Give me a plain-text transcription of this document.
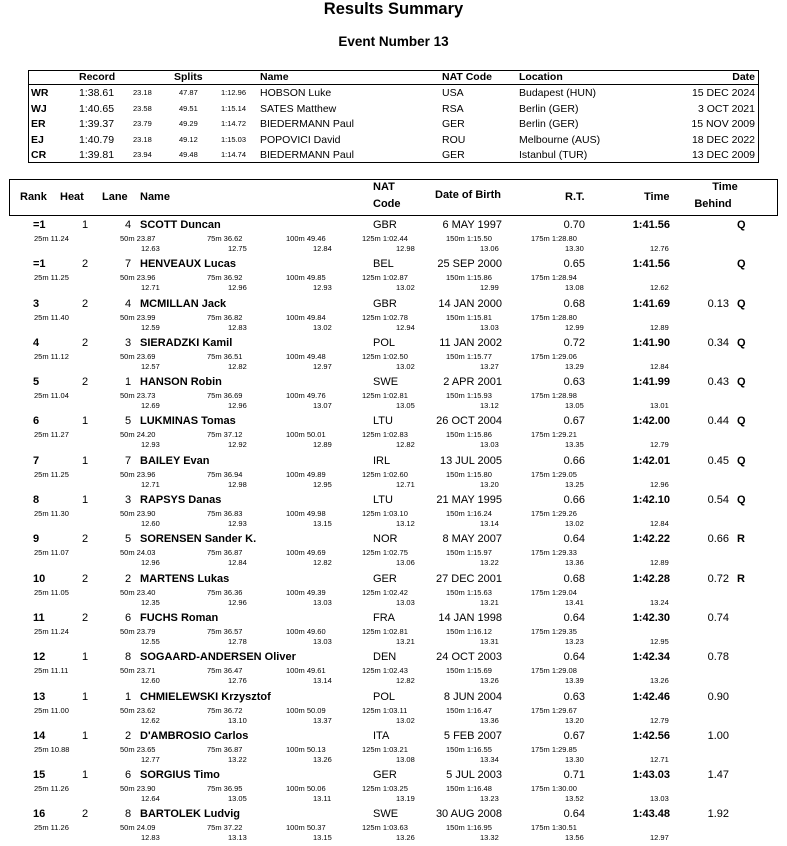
Results Summary
Event Number 13
Record	Splits	Name	NAT Code	Location	Date
WR	1:38.61	23.18	47.87	1:12.96 HOBSON Luke	USA	Budapest (HUN)	15 DEC 2024
WJ	1:40.65	23.58	49.51	1:15.14 SATES Matthew	RSA	Berlin (GER)	3 OCT 2021
ER	1:39.37	23.79	49.29	1:14.72 BIEDERMANN Paul	GER	Berlin (GER)	15 NOV 2009
EJ	1:40.79	23.18	49.12	1:15.03 POPOVICI David	ROU	Melbourne (AUS)	18 DEC 2022
CR	1:39.81	23.94	49.48	1:14.74 BIEDERMANN Paul	GER	Istanbul (TUR)	13 DEC 2009
Rank Heat Lane Name
NAT
Code
Date of Birth	R.T.	Time
Time
Behind
=1	1	4 SCOTT Duncan	GBR	6 MAY 1997	0.70	1:41.56	Q
25m 11.24	50m 23.87	75m 36.62	100m 49.46	125m 1:02.44	150m 1:15.50	175m 1:28.80
12.63	12.75	12.84	12.98	13.06	13.30	12.76
=1	2	7 HENVEAUX Lucas	BEL	25 SEP 2000	0.65	1:41.56	Q
25m 11.25	50m 23.96	75m 36.92	100m 49.85	125m 1:02.87	150m 1:15.86	175m 1:28.94
12.71	12.96	12.93	13.02	12.99	13.08	12.62
3	2	4 MCMILLAN Jack	GBR	14 JAN 2000	0.68	1:41.69	0.13 Q
25m 11.40	50m 23.99	75m 36.82	100m 49.84	125m 1:02.78	150m 1:15.81	175m 1:28.80
12.59	12.83	13.02	12.94	13.03	12.99	12.89
4	2	3 SIERADZKI Kamil	POL	11 JAN 2002	0.72	1:41.90	0.34 Q
25m 11.12	50m 23.69	75m 36.51	100m 49.48	125m 1:02.50	150m 1:15.77	175m 1:29.06
12.57	12.82	12.97	13.02	13.27	13.29	12.84
5	2	1 HANSON Robin	SWE	2 APR 2001	0.63	1:41.99	0.43 Q
25m 11.04	50m 23.73	75m 36.69	100m 49.76	125m 1:02.81	150m 1:15.93	175m 1:28.98
12.69	12.96	13.07	13.05	13.12	13.05	13.01
6	1	5 LUKMINAS Tomas	LTU	26 OCT 2004	0.67	1:42.00	0.44 Q
25m 11.27	50m 24.20	75m 37.12	100m 50.01	125m 1:02.83	150m 1:15.86	175m 1:29.21
12.93	12.92	12.89	12.82	13.03	13.35	12.79
7	1	7 BAILEY Evan	IRL	13 JUL 2005	0.66	1:42.01	0.45 Q
25m 11.25	50m 23.96	75m 36.94	100m 49.89	125m 1:02.60	150m 1:15.80	175m 1:29.05
12.71	12.98	12.95	12.71	13.20	13.25	12.96
8	1	3 RAPSYS Danas	LTU	21 MAY 1995	0.66	1:42.10	0.54 Q
25m 11.30	50m 23.90	75m 36.83	100m 49.98	125m 1:03.10	150m 1:16.24	175m 1:29.26
12.60	12.93	13.15	13.12	13.14	13.02	12.84
9	2	5 SORENSEN Sander K.	NOR	8 MAY 2007	0.64	1:42.22	0.66 R
25m 11.07	50m 24.03	75m 36.87	100m 49.69	125m 1:02.75	150m 1:15.97	175m 1:29.33
12.96	12.84	12.82	13.06	13.22	13.36	12.89
10	2	2 MARTENS Lukas	GER	27 DEC 2001	0.68	1:42.28	0.72 R
25m 11.05	50m 23.40	75m 36.36	100m 49.39	125m 1:02.42	150m 1:15.63	175m 1:29.04
12.35	12.96	13.03	13.03	13.21	13.41	13.24
11	2	6 FUCHS Roman	FRA	14 JAN 1998	0.64	1:42.30	0.74
25m 11.24	50m 23.79	75m 36.57	100m 49.60	125m 1:02.81	150m 1:16.12	175m 1:29.35
12.55	12.78	13.03	13.21	13.31	13.23	12.95
12	1	8 SOGAARD-ANDERSEN Oliver	DEN	24 OCT 2003	0.64	1:42.34	0.78
25m 11.11	50m 23.71	75m 36.47	100m 49.61	125m 1:02.43	150m 1:15.69	175m 1:29.08
12.60	12.76	13.14	12.82	13.26	13.39	13.26
13	1	1 CHMIELEWSKI Krzysztof	POL	8 JUN 2004	0.63	1:42.46	0.90
25m 11.00	50m 23.62	75m 36.72	100m 50.09	125m 1:03.11	150m 1:16.47	175m 1:29.67
12.62	13.10	13.37	13.02	13.36	13.20	12.79
14	1	2 D'AMBROSIO Carlos	ITA	5 FEB 2007	0.67	1:42.56	1.00
25m 10.88	50m 23.65	75m 36.87	100m 50.13	125m 1:03.21	150m 1:16.55	175m 1:29.85
12.77	13.22	13.26	13.08	13.34	13.30	12.71
15	1	6 SORGIUS Timo	GER	5 JUL 2003	0.71	1:43.03	1.47
25m 11.26	50m 23.90	75m 36.95	100m 50.06	125m 1:03.25	150m 1:16.48	175m 1:30.00
12.64	13.05	13.11	13.19	13.23	13.52	13.03
16	2	8 BARTOLEK Ludvig	SWE	30 AUG 2008	0.64	1:43.48	1.92
25m 11.26	50m 24.09	75m 37.22	100m 50.37	125m 1:03.63	150m 1:16.95	175m 1:30.51
12.83	13.13	13.15	13.26	13.32	13.56	12.97
